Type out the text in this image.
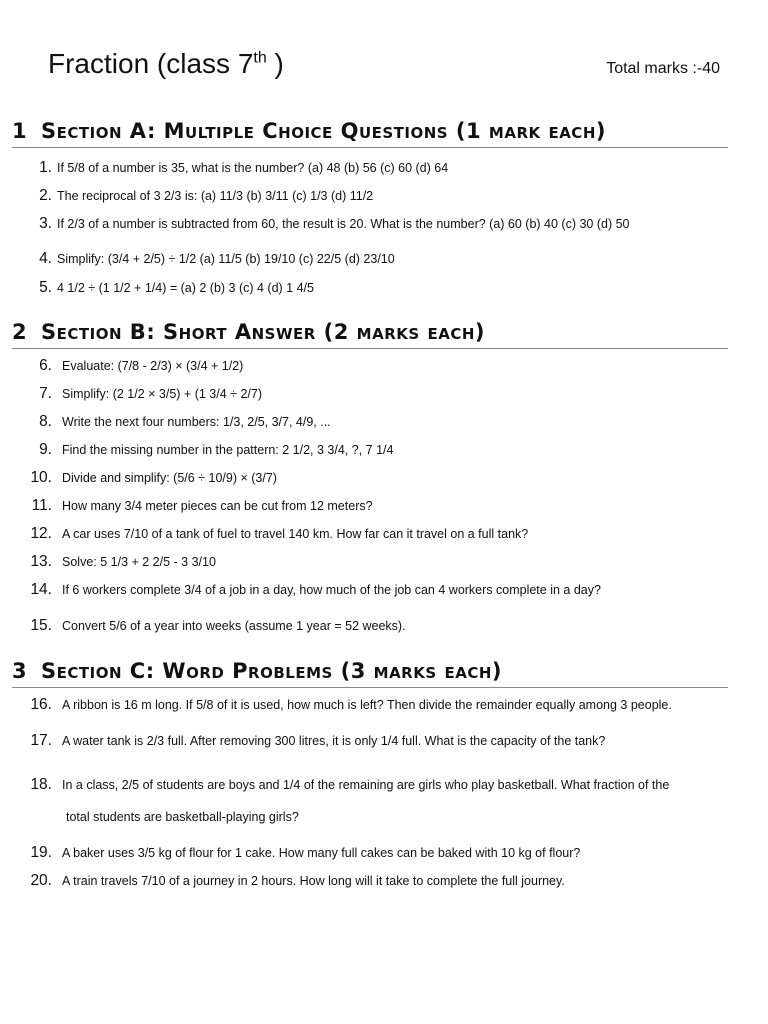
Fraction (class 7th )	Total marks :-40
1 Section A: Multiple Choice Questions (1 mark each)
1. If 5/8 of a number is 35, what is the number? (a) 48 (b) 56 (c) 60 (d) 64
2. The reciprocal of 3 2/3 is: (a) 11/3 (b) 3/11 (c) 1/3 (d) 11/2
3. If 2/3 of a number is subtracted from 60, the result is 20. What is the number? (a) 60 (b) 40 (c) 30 (d) 50
4. Simplify: (3/4 + 2/5) ÷ 1/2 (a) 11/5 (b) 19/10 (c) 22/5 (d) 23/10
5. 4 1/2 ÷ (1 1/2 + 1/4) = (a) 2 (b) 3 (c) 4 (d) 1 4/5
2 Section B: Short Answer (2 marks each)
6. Evaluate: (7/8 - 2/3) × (3/4 + 1/2)
7. Simplify: (2 1/2 × 3/5) + (1 3/4 ÷ 2/7)
8. Write the next four numbers: 1/3, 2/5, 3/7, 4/9, ...
9. Find the missing number in the pattern: 2 1/2, 3 3/4, ?, 7 1/4
10. Divide and simplify: (5/6 ÷ 10/9) × (3/7)
11. How many 3/4 meter pieces can be cut from 12 meters?
12. A car uses 7/10 of a tank of fuel to travel 140 km. How far can it travel on a full tank?
13. Solve: 5 1/3 + 2 2/5 - 3 3/10
14. If 6 workers complete 3/4 of a job in a day, how much of the job can 4 workers complete in a day?
15. Convert 5/6 of a year into weeks (assume 1 year = 52 weeks).
3 Section C: Word Problems (3 marks each)
16. A ribbon is 16 m long. If 5/8 of it is used, how much is left? Then divide the remainder equally among 3 people.
17. A water tank is 2/3 full. After removing 300 litres, it is only 1/4 full. What is the capacity of the tank?
18. In a class, 2/5 of students are boys and 1/4 of the remaining are girls who play basketball. What fraction of the
total students are basketball-playing girls?
19. A baker uses 3/5 kg of flour for 1 cake. How many full cakes can be baked with 10 kg of flour?
20. A train travels 7/10 of a journey in 2 hours. How long will it take to complete the full journey.
